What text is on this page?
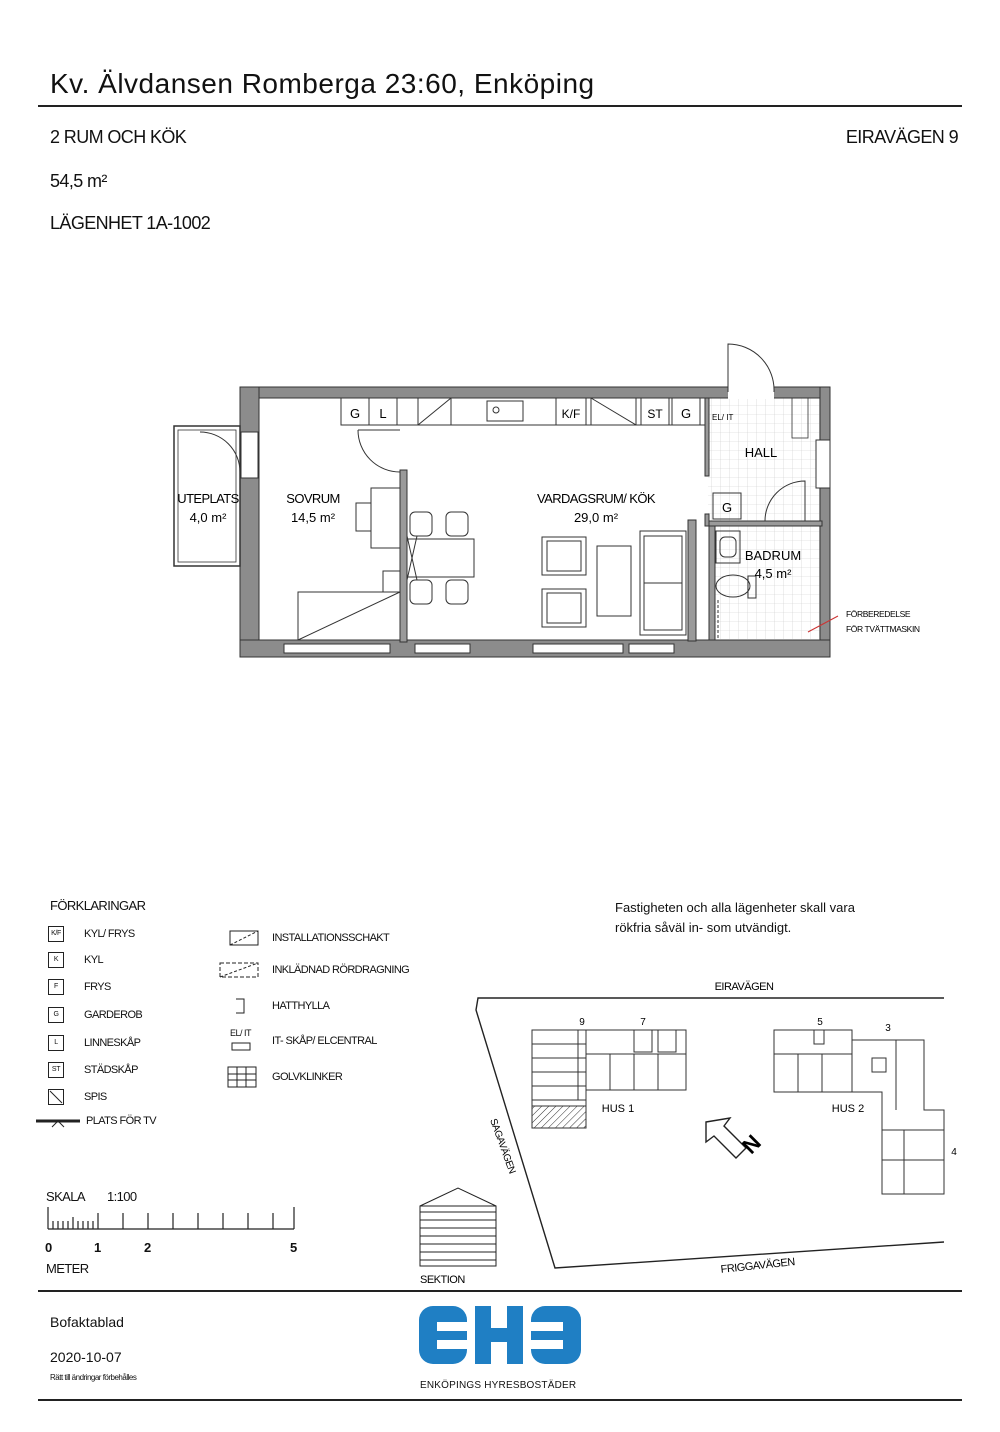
Kv. Älvdansen Romberga 23:60, Enköping
2 RUM OCH KÖK	EIRAVÄGEN 9
54,5 m²
LÄGENHET 1A-1002
G L	K/F	ST G	EL/ IT
G
UTEPLATS
4,0 m²
SOVRUM
14,5 m²
VARDAGSRUM/ KÖK
29,0 m²
HALL
BADRUM
4,5 m²
FÖRBEREDELSE
FÖR TVÄTTMASKIN
FÖRKLARINGAR
K/F KYL/ FRYS
K	KYL
F	FRYS
G	GARDEROB
L	LINNESKÅP
ST	STÄDSKÅP
SPIS
PLATS FÖR TV
INSTALLATIONSSCHAKT
INKLÄDNAD RÖRDRAGNING
HATTHYLLA
EL/ IT
IT- SKÅP/ ELCENTRAL
GOLVKLINKER
SKALA 1:100
0	1	2	5
METER
Fastigheten och alla lägenheter skall vara
rökfria såväl in- som utvändigt.
N
EIRAVÄGEN
SAGAVÄGEN
FRIGGAVÄGEN
HUS 1	HUS 2
9	7	5
3
4
SEKTION
Bofaktablad
2020-10-07
Rätt till ändringar förbehålles
ENKÖPINGS HYRESBOSTÄDER
